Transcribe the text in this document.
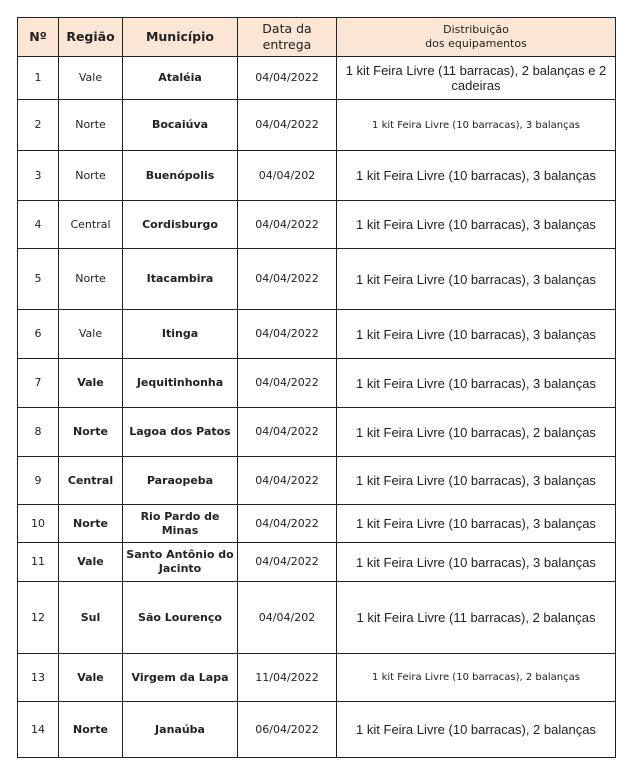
Nº	Região	Município	Data da entrega	Distribuição
dos equipamentos

1	Vale	Ataléia	04/04/2022	1 kit Feira Livre (11 barracas), 2 balanças e 2 cadeiras
2	Norte	Bocaiúva	04/04/2022	1 kit Feira Livre (10 barracas), 3 balanças
3	Norte	Buenópolis	04/04/202	1 kit Feira Livre (10 barracas), 3 balanças
4	Central	Cordisburgo	04/04/2022	1 kit Feira Livre (10 barracas), 3 balanças
5	Norte	Itacambira	04/04/2022	1 kit Feira Livre (10 barracas), 3 balanças
6	Vale	Itinga	04/04/2022	1 kit Feira Livre (10 barracas), 3 balanças
7	Vale	Jequitinhonha	04/04/2022	1 kit Feira Livre (10 barracas), 3 balanças
8	Norte	Lagoa dos Patos	04/04/2022	1 kit Feira Livre (10 barracas), 2 balanças
9	Central	Paraopeba	04/04/2022	1 kit Feira Livre (10 barracas), 3 balanças
10	Norte	Rio Pardo de Minas	04/04/2022	1 kit Feira Livre (10 barracas), 3 balanças
11	Vale	Santo Antônio do Jacinto	04/04/2022	1 kit Feira Livre (10 barracas), 3 balanças
12	Sul	São Lourenço	04/04/202	1 kit Feira Livre (11 barracas), 2 balanças
13	Vale	Virgem da Lapa	11/04/2022	1 kit Feira Livre (10 barracas), 2 balanças
14	Norte	Janaúba	06/04/2022	1 kit Feira Livre (10 barracas), 2 balanças
